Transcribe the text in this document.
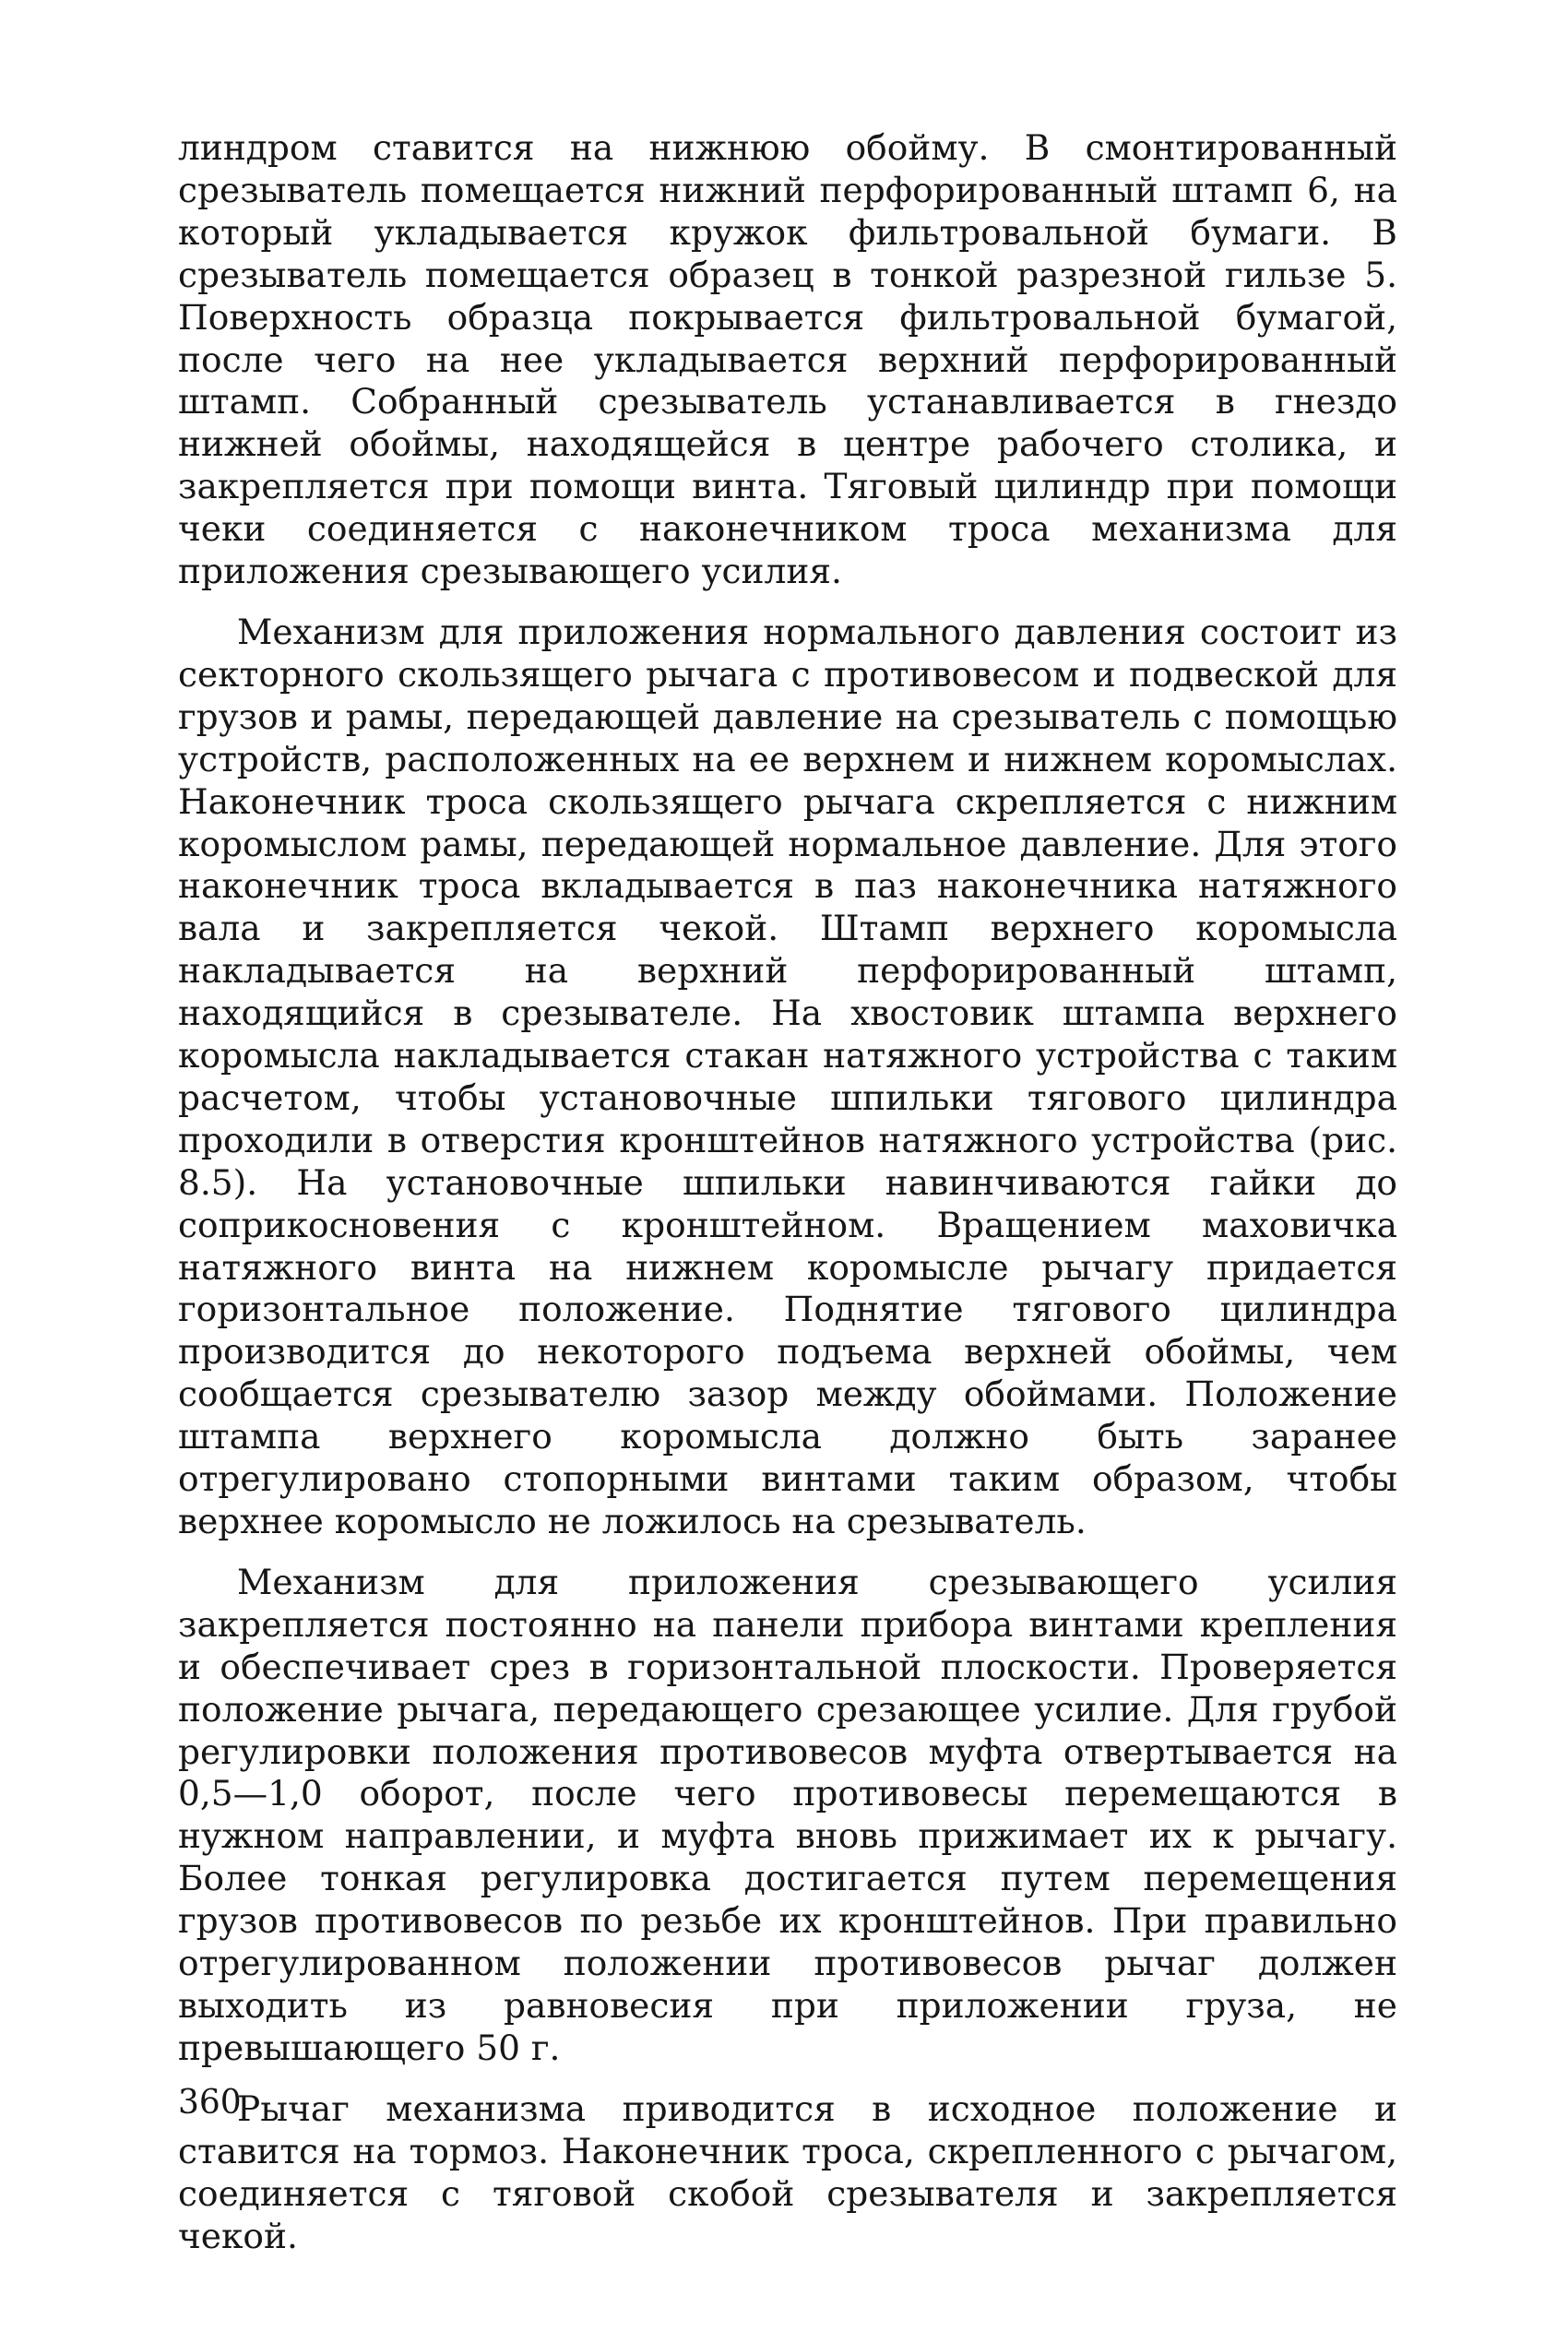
линдром ставится на нижнюю обойму. В смонтированный срезыватель помещается нижний перфорированный штамп 6, на который укладывается кружок фильтровальной бумаги. В срезыватель помещается образец в тонкой разрезной гильзе 5. Поверхность образца покрывается фильтровальной бумагой, после чего на нее укладывается верхний перфорированный штамп. Собранный срезыватель устанавливается в гнездо нижней обоймы, находящейся в центре рабочего столика, и закрепляется при помощи винта. Тяговый цилиндр при помощи чеки соединяется с наконечником троса механизма для приложения срезывающего усилия.

Механизм для приложения нормального давления состоит из секторного скользящего рычага с противовесом и подвеской для грузов и рамы, передающей давление на срезыватель с помощью устройств, расположенных на ее верхнем и нижнем коромыслах. Наконечник троса скользящего рычага скрепляется с нижним коромыслом рамы, передающей нормальное давление. Для этого наконечник троса вкладывается в паз наконечника натяжного вала и закрепляется чекой. Штамп верхнего коромысла накладывается на верхний перфорированный штамп, находящийся в срезывателе. На хвостовик штампа верхнего коромысла накладывается стакан натяжного устройства с таким расчетом, чтобы установочные шпильки тягового цилиндра проходили в отверстия кронштейнов натяжного устройства (рис. 8.5). На установочные шпильки навинчиваются гайки до соприкосновения с кронштейном. Вращением маховичка натяжного винта на нижнем коромысле рычагу придается горизонтальное положение. Поднятие тягового цилиндра производится до некоторого подъема верхней обоймы, чем сообщается срезывателю зазор между обоймами. Положение штампа верхнего коромысла должно быть заранее отрегулировано стопорными винтами таким образом, чтобы верхнее коромысло не ложилось на срезыватель.

Механизм для приложения срезывающего усилия закрепляется постоянно на панели прибора винтами крепления и обеспечивает срез в горизонтальной плоскости. Проверяется положение рычага, передающего срезающее усилие. Для грубой регулировки положения противовесов муфта отвертывается на 0,5—1,0 оборот, после чего противовесы перемещаются в нужном направлении, и муфта вновь прижимает их к рычагу. Более тонкая регулировка достигается путем перемещения грузов противовесов по резьбе их кронштейнов. При правильно отрегулированном положении противовесов рычаг должен выходить из равновесия при приложении груза, не превышающего 50 г.

Рычаг механизма приводится в исходное положение и ставится на тормоз. Наконечник троса, скрепленного с рычагом, соединяется с тяговой скобой срезывателя и закрепляется чекой.

360
